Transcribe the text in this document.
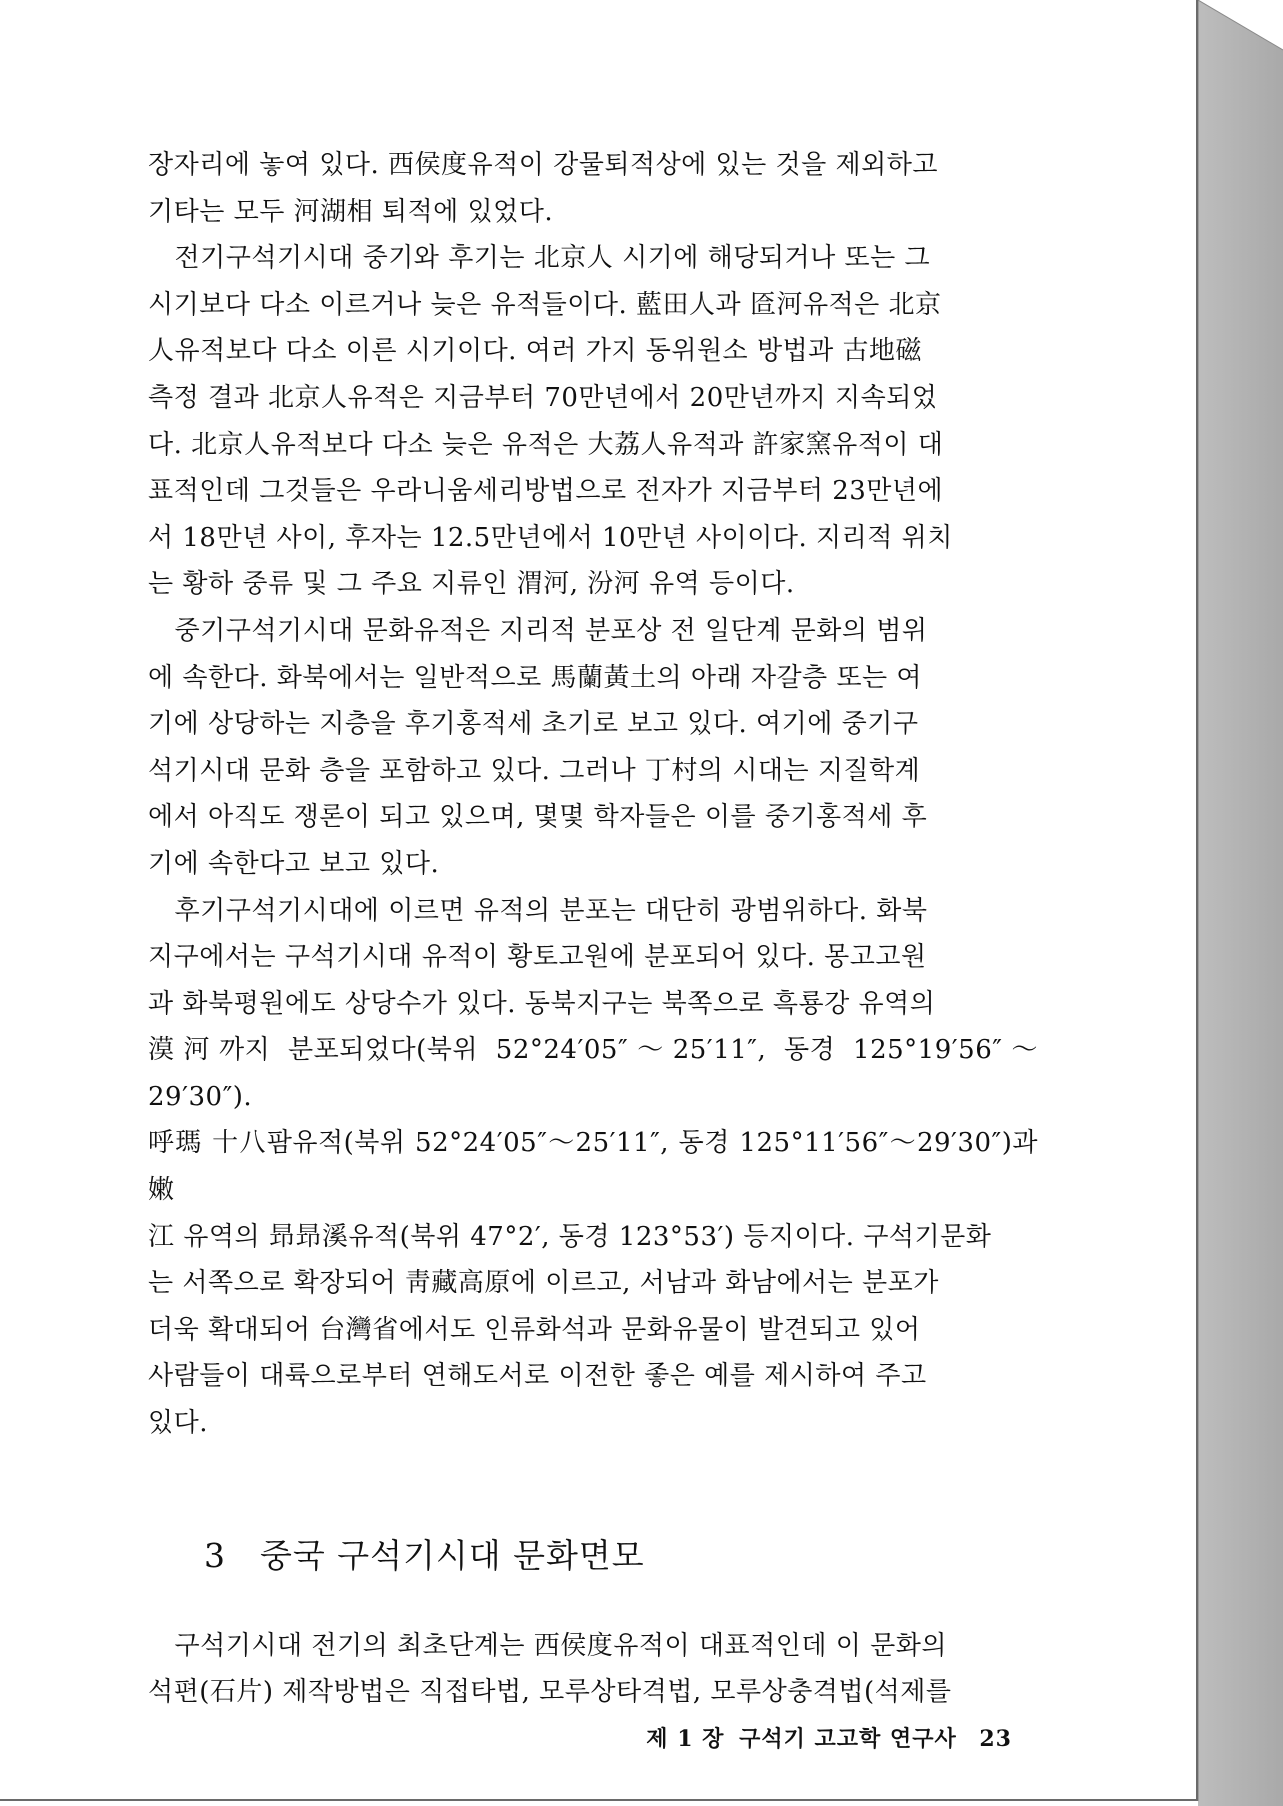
장자리에 놓여 있다. 西侯度유적이 강물퇴적상에 있는 것을 제외하고

기타는 모두 河湖相 퇴적에 있었다.

　전기구석기시대 중기와 후기는 北京人 시기에 해당되거나 또는 그

시기보다 다소 이르거나 늦은 유적들이다. 藍田人과 匼河유적은 北京

人유적보다 다소 이른 시기이다. 여러 가지 동위원소 방법과 古地磁

측정 결과 北京人유적은 지금부터 70만년에서 20만년까지 지속되었

다. 北京人유적보다 다소 늦은 유적은 大荔人유적과 許家窯유적이 대

표적인데 그것들은 우라니움세리방법으로 전자가 지금부터 23만년에

서 18만년 사이, 후자는 12.5만년에서 10만년 사이이다. 지리적 위치

는 황하 중류 및 그 주요 지류인 渭河, 汾河 유역 등이다.

　중기구석기시대 문화유적은 지리적 분포상 전 일단계 문화의 범위

에 속한다. 화북에서는 일반적으로 馬蘭黃土의 아래 자갈층 또는 여

기에 상당하는 지층을 후기홍적세 초기로 보고 있다. 여기에 중기구

석기시대 문화 층을 포함하고 있다. 그러나 丁村의 시대는 지질학계

에서 아직도 쟁론이 되고 있으며, 몇몇 학자들은 이를 중기홍적세 후

기에 속한다고 보고 있다.

　후기구석기시대에 이르면 유적의 분포는 대단히 광범위하다. 화북

지구에서는 구석기시대 유적이 황토고원에 분포되어 있다. 몽고고원

과 화북평원에도 상당수가 있다. 동북지구는 북쪽으로 흑룡강 유역의

漠河까지 분포되었다(북위 52°24′05″～25′11″, 동경 125°19′56″～29′30″).

呼瑪 十八팜유적(북위 52°24′05″～25′11″, 동경 125°11′56″～29′30″)과 嫩

江 유역의 昻昻溪유적(북위 47°2′, 동경 123°53′) 등지이다. 구석기문화

는 서쪽으로 확장되어 靑藏高原에 이르고, 서남과 화남에서는 분포가

더욱 확대되어 台灣省에서도 인류화석과 문화유물이 발견되고 있어

사람들이 대륙으로부터 연해도서로 이전한 좋은 예를 제시하여 주고

있다.

3　중국 구석기시대 문화면모

　구석기시대 전기의 최초단계는 西侯度유적이 대표적인데 이 문화의

석편(石片) 제작방법은 직접타법, 모루상타격법, 모루상충격법(석제를

제 1 장 구석기 고고학 연구사 23
